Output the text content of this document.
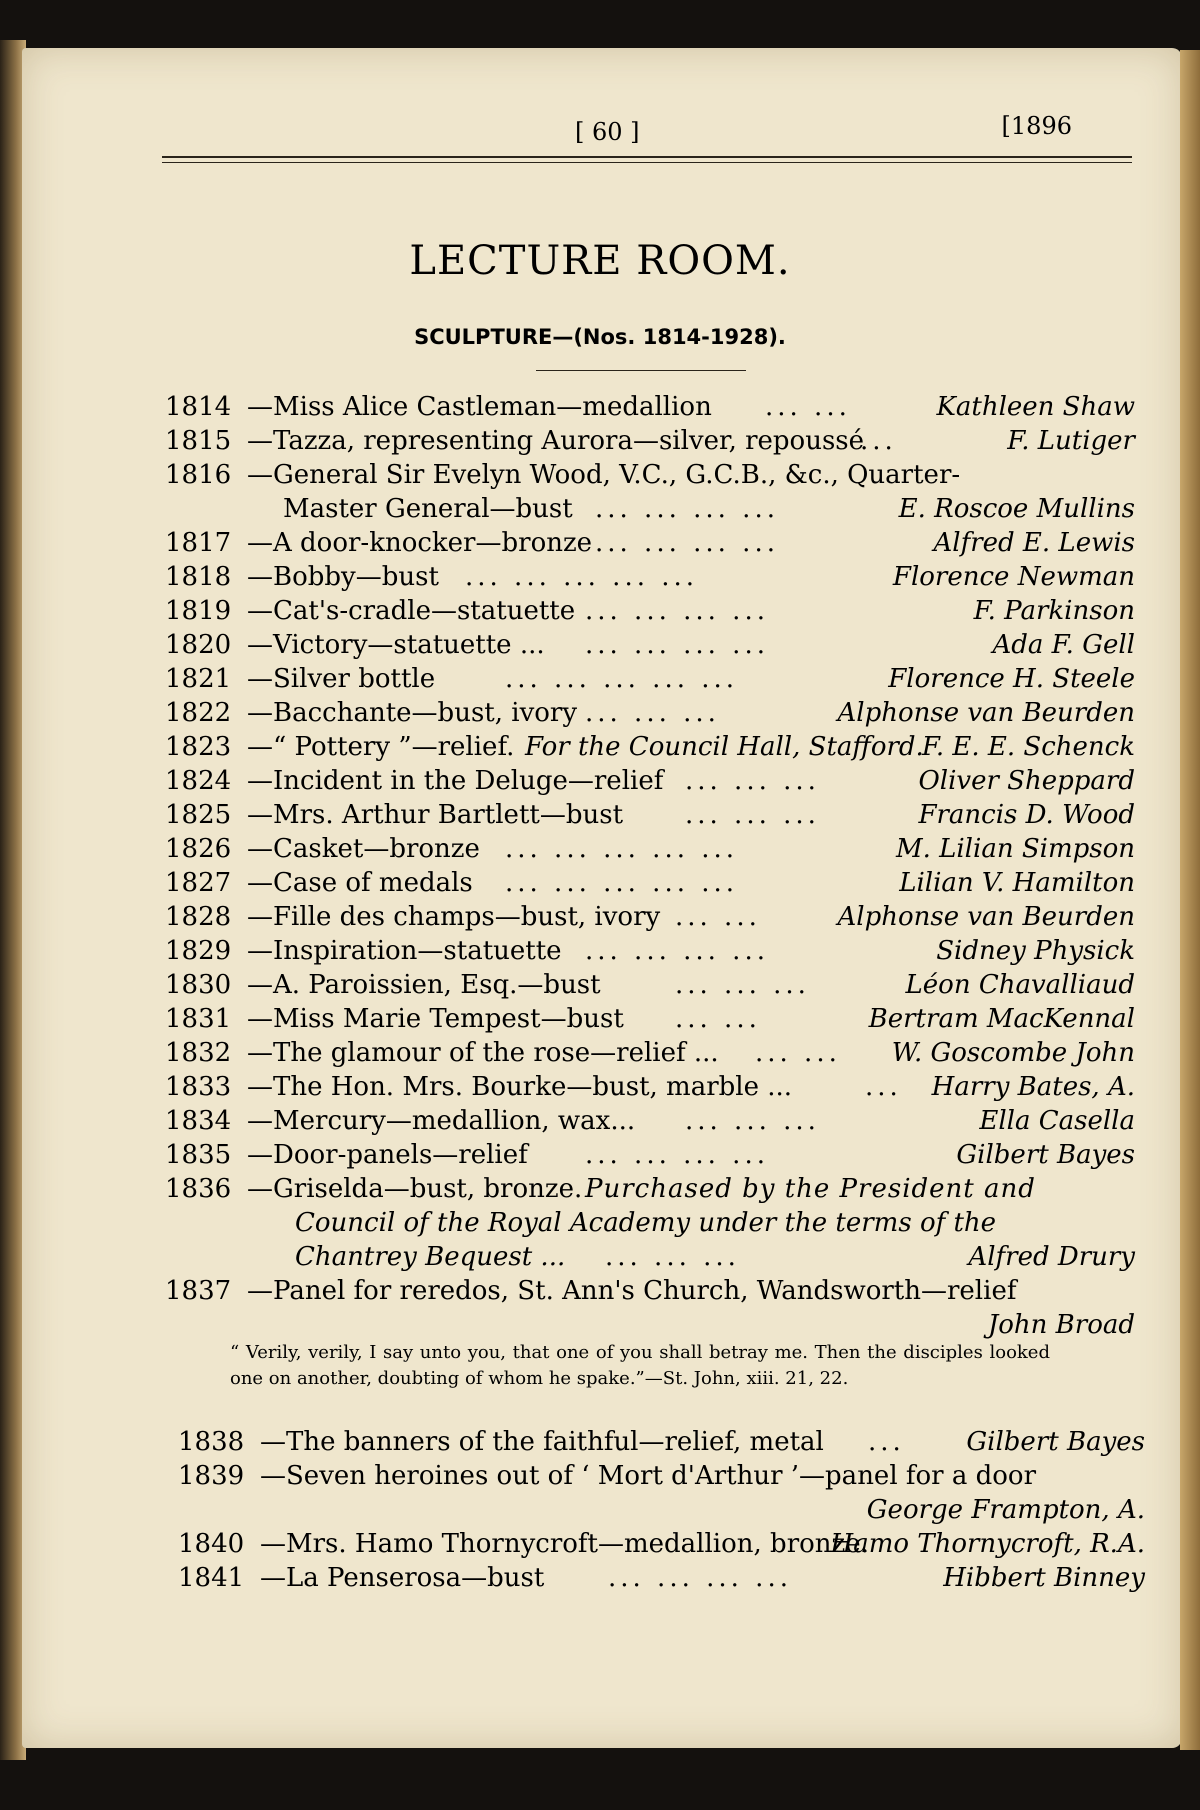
[ 60 ]	[1896
LECTURE ROOM.
SCULPTURE—(Nos. 1814-1928).
1814 —Miss Alice Castleman—medallion ... ...	Kathleen Shaw
1815 —Tazza, representing Aurora—silver, repoussé
...	F. Lutiger
1816 —General Sir Evelyn Wood, V.C., G.C.B., &c., Quarter-
Master General—bust ... ... ... ...	E. Roscoe Mullins
1817 —A door-knocker—bronze ... ... ... ...	Alfred E. Lewis
1818 —Bobby—bust ... ... ... ... ...	Florence Newman
1819 —Cat's-cradle—statuette ... ... ... ...	F. Parkinson
1820 —Victory—statuette ... ... ... ... ...	Ada F. Gell
1821 —Silver bottle	... ... ... ... ...	Florence H. Steele
1822 —Bacchante—bust, ivory ... ... ...	Alphonse van Beurden
1823 —“ Pottery ”—relief. For the Council Hall, Stafford.
F. E. E. Schenck
1824 —Incident in the Deluge—relief ... ... ...	Oliver Sheppard
1825 —Mrs. Arthur Bartlett—bust ... ... ...	Francis D. Wood
1826 —Casket—bronze ... ... ... ... ...	M. Lilian Simpson
1827 —Case of medals ... ... ... ... ...	Lilian V. Hamilton
1828 —Fille des champs—bust, ivory ... ...	Alphonse van Beurden
1829 —Inspiration—statuette ... ... ... ...	Sidney Physick
1830 —A. Paroissien, Esq.—bust	... ... ...	Léon Chavalliaud
1831 —Miss Marie Tempest—bust ... ...	Bertram MacKennal
1832 —The glamour of the rose—relief ... ... ... W. Goscombe John
1833 —The Hon. Mrs. Bourke—bust, marble ...	... Harry Bates, A.
1834 —Mercury—medallion, wax... ... ... ...	Ella Casella
1835 —Door-panels—relief ... ... ... ...	Gilbert Bayes
1836 —Griselda—bust, bronze. Purchased by the President and
Council of the Royal Academy under the terms of the
Chantrey Bequest ... ... ... ...	Alfred Drury
1837 —Panel for reredos, St. Ann's Church, Wandsworth—relief
John Broad
“ Verily, verily, I say unto you, that one of you shall betray me. Then the disciples looked one on another, doubting of whom he spake.”—St. John, xiii. 21, 22.
1838 —The banners of the faithful—relief, metal ... Gilbert Bayes
1839 —Seven heroines out of ‘ Mort d'Arthur ’—panel for a door
George Frampton, A.
1840 —Mrs. Hamo Thornycroft—medallion, bronze.
Hamo Thornycroft, R.A.
1841 —La Penserosa—bust ... ... ... ...	Hibbert Binney
